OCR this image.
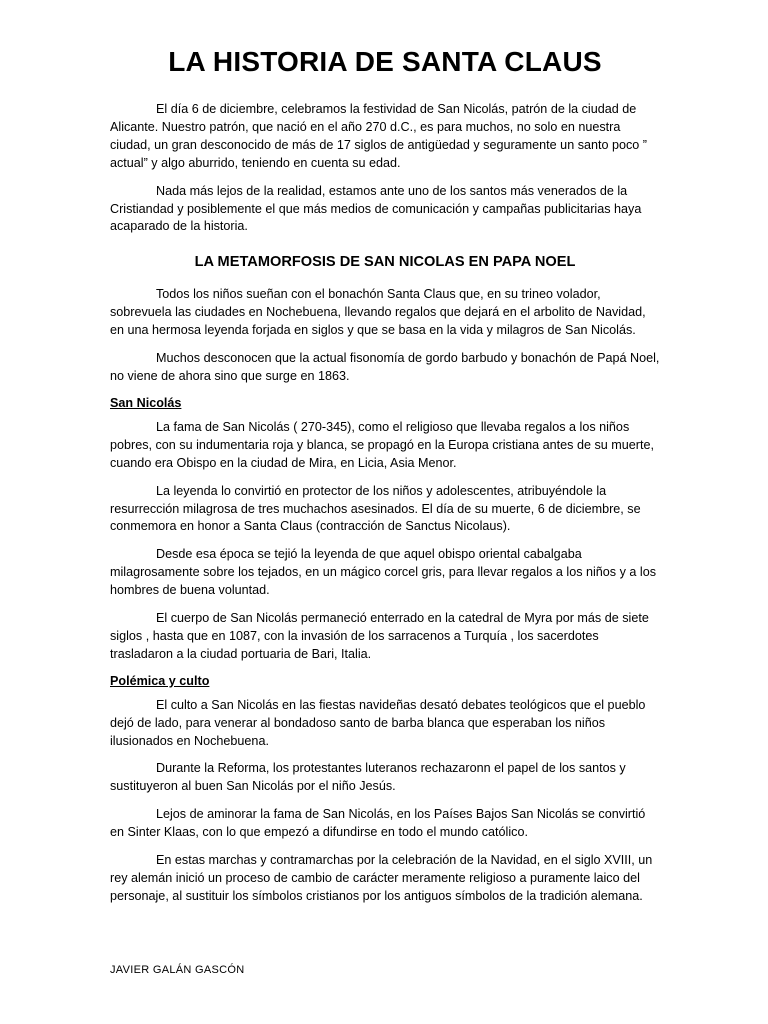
LA HISTORIA DE SANTA CLAUS

El día 6 de diciembre, celebramos la festividad de San Nicolás, patrón de la ciudad de Alicante. Nuestro patrón, que nació en el año 270 d.C., es para muchos, no solo en nuestra ciudad, un gran desconocido de más de 17 siglos de antigüedad y seguramente un santo poco ” actual” y algo aburrido, teniendo en cuenta su edad.

Nada más lejos de la realidad, estamos ante uno de los santos más venerados de la Cristiandad y posiblemente el que más medios de comunicación y campañas publicitarias haya acaparado de la historia.

LA METAMORFOSIS DE SAN NICOLAS EN PAPA NOEL

Todos los niños sueñan con el bonachón Santa Claus que, en su trineo volador, sobrevuela las ciudades en Nochebuena, llevando regalos que dejará en el arbolito de Navidad, en una hermosa leyenda forjada en siglos y que se basa en la vida y milagros de San Nicolás.

Muchos desconocen que la actual fisonomía de gordo barbudo y bonachón de Papá Noel, no viene de ahora sino que surge en 1863.

San Nicolás

La fama de San Nicolás ( 270-345), como el religioso que llevaba regalos a los niños pobres, con su indumentaria roja y blanca, se propagó en la Europa cristiana antes de su muerte, cuando era Obispo en la ciudad de Mira, en Licia, Asia Menor.

La leyenda lo convirtió en protector de los niños y adolescentes, atribuyéndole la resurrección milagrosa de tres muchachos asesinados. El día de su muerte, 6 de diciembre, se conmemora en honor a Santa Claus (contracción de Sanctus Nicolaus).

Desde esa época se tejió la leyenda de que aquel obispo oriental cabalgaba milagrosamente sobre los tejados, en un mágico corcel gris, para llevar regalos a los niños y a los hombres de buena voluntad.

El cuerpo de San Nicolás permaneció enterrado en la catedral de Myra por más de siete siglos , hasta que en 1087, con la invasión de los sarracenos a Turquía , los sacerdotes trasladaron a la ciudad portuaria de Bari, Italia.

Polémica y culto

El culto a San Nicolás en las fiestas navideñas desató debates teológicos que el pueblo dejó de lado, para venerar al bondadoso santo de barba blanca que esperaban los niños ilusionados en Nochebuena.

Durante la Reforma, los protestantes luteranos rechazaronn el papel de los santos y sustituyeron al buen San Nicolás por el niño Jesús.

Lejos de aminorar la fama de San Nicolás, en los Países Bajos San Nicolás se convirtió en Sinter Klaas, con lo que empezó a difundirse en todo el mundo católico.

En estas marchas y contramarchas por la celebración de la Navidad, en el siglo XVIII, un rey alemán inició un proceso de cambio de carácter meramente religioso a puramente laico del personaje, al sustituir los símbolos cristianos por los antiguos símbolos de la tradición alemana.

JAVIER GALÁN GASCÓN
